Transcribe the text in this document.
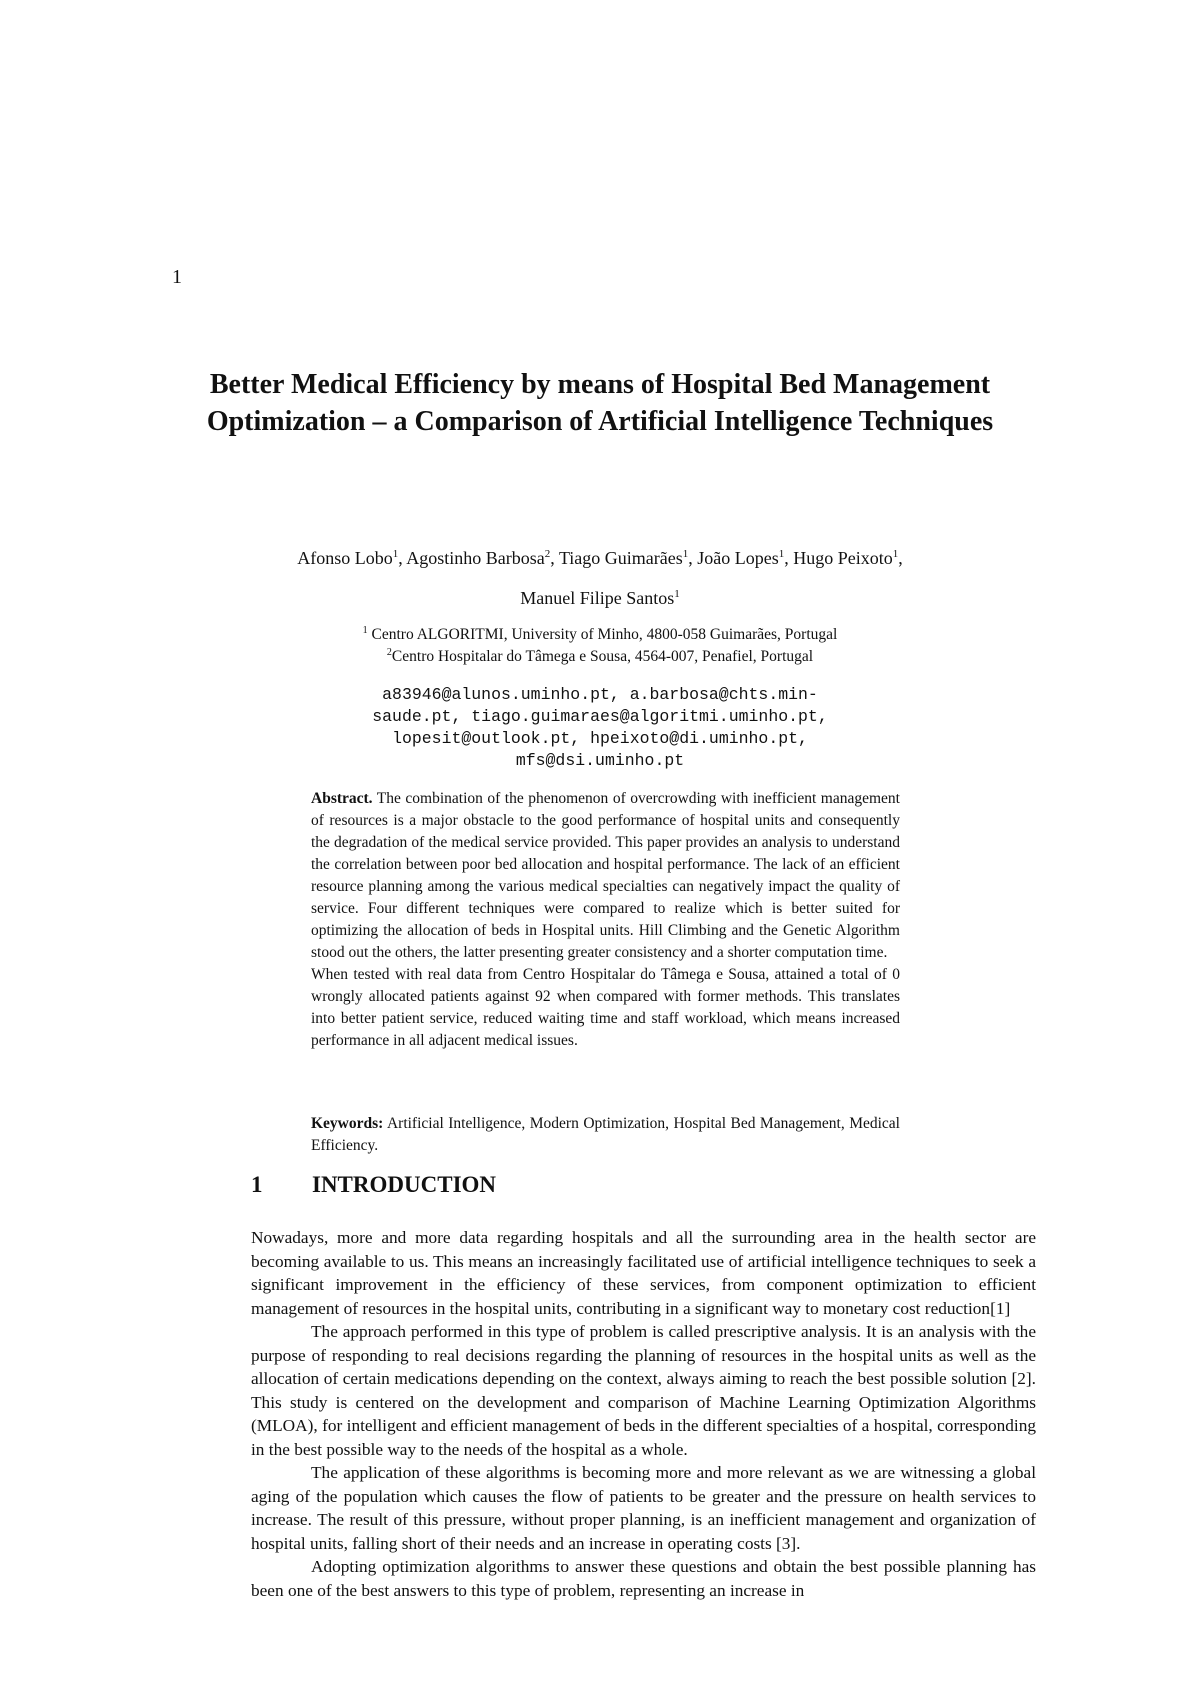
1
Better Medical Efficiency by means of Hospital Bed Management Optimization – a Comparison of Artificial Intelligence Techniques
Afonso Lobo$^1$, Agostinho Barbosa$^2$, Tiago Guimarães$^1$, João Lopes$^1$, Hugo Peixoto$^1$,
Manuel Filipe Santos$^1$
$^1$ Centro ALGORITMI, University of Minho, 4800-058 Guimarães, Portugal
$^2$Centro Hospitalar do Tâmega e Sousa, 4564-007, Penafiel, Portugal
a83946@alunos.uminho.pt, a.barbosa@chts.min-
saude.pt, tiago.guimaraes@algoritmi.uminho.pt,
lopesit@outlook.pt, hpeixoto@di.uminho.pt,
mfs@dsi.uminho.pt

Abstract. The combination of the phenomenon of overcrowding with inefficient management of resources is a major obstacle to the good performance of hospital units and consequently the degradation of the medical service provided. This paper provides an analysis to understand the correlation between poor bed allocation and hospital performance. The lack of an efficient resource planning among the various medical specialties can negatively impact the quality of service. Four different techniques were compared to realize which is better suited for optimizing the allocation of beds in Hospital units. Hill Climbing and the Genetic Algorithm stood out the others, the latter presenting greater consistency and a shorter computation time.

When tested with real data from Centro Hospitalar do Tâmega e Sousa, attained a total of 0 wrongly allocated patients against 92 when compared with former methods. This translates into better patient service, reduced waiting time and staff workload, which means increased performance in all adjacent medical issues.

Keywords: Artificial Intelligence, Modern Optimization, Hospital Bed Management, Medical Efficiency.
1	INTRODUCTION

Nowadays, more and more data regarding hospitals and all the surrounding area in the health sector are becoming available to us. This means an increasingly facilitated use of artificial intelligence techniques to seek a significant improvement in the efficiency of these services, from component optimization to efficient management of resources in the hospital units, contributing in a significant way to monetary cost reduction[1]

The approach performed in this type of problem is called prescriptive analysis. It is an analysis with the purpose of responding to real decisions regarding the planning of resources in the hospital units as well as the allocation of certain medications depending on the context, always aiming to reach the best possible solution [2]. This study is centered on the development and comparison of Machine Learning Optimization Algorithms (MLOA), for intelligent and efficient management of beds in the different specialties of a hospital, corresponding in the best possible way to the needs of the hospital as a whole.

The application of these algorithms is becoming more and more relevant as we are witnessing a global aging of the population which causes the flow of patients to be greater and the pressure on health services to increase. The result of this pressure, without proper planning, is an inefficient management and organization of hospital units, falling short of their needs and an increase in operating costs [3].

Adopting optimization algorithms to answer these questions and obtain the best possible planning has been one of the best answers to this type of problem, representing an increase in
